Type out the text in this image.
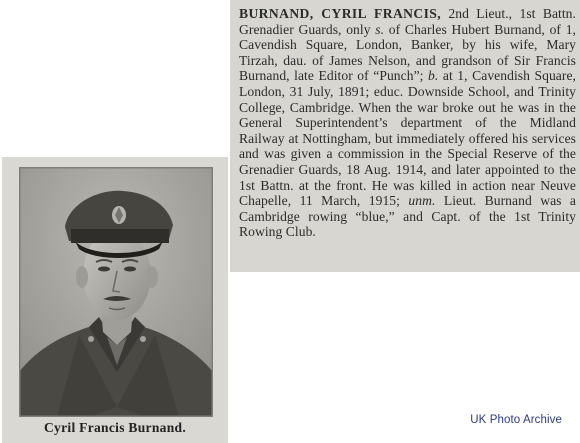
BURNAND, CYRIL FRANCIS, 2nd Lieut., 1st Battn. Grenadier Guards, only s. of Charles Hubert Burnand, of 1, Cavendish Square, London, Banker, by his wife, Mary Tirzah, dau. of James Nelson, and grandson of Sir Francis Burnand, late Editor of “Punch”; b. at 1, Cavendish Square, London, 31 July, 1891; educ. Downside School, and Trinity College, Cambridge. When the war broke out he was in the General Superintendent’s department of the Midland Railway at Nottingham, but immediately offered his services and was given a commission in the Special Reserve of the Grenadier Guards, 18 Aug. 1914, and later appointed to the 1st Battn. at the front. He was killed in action near Neuve Chapelle, 11 March, 1915; unm. Lieut. Burnand was a Cambridge rowing “blue,” and Capt. of the 1st Trinity Rowing Club.
Cyril Francis Burnand.	UK Photo Archive
